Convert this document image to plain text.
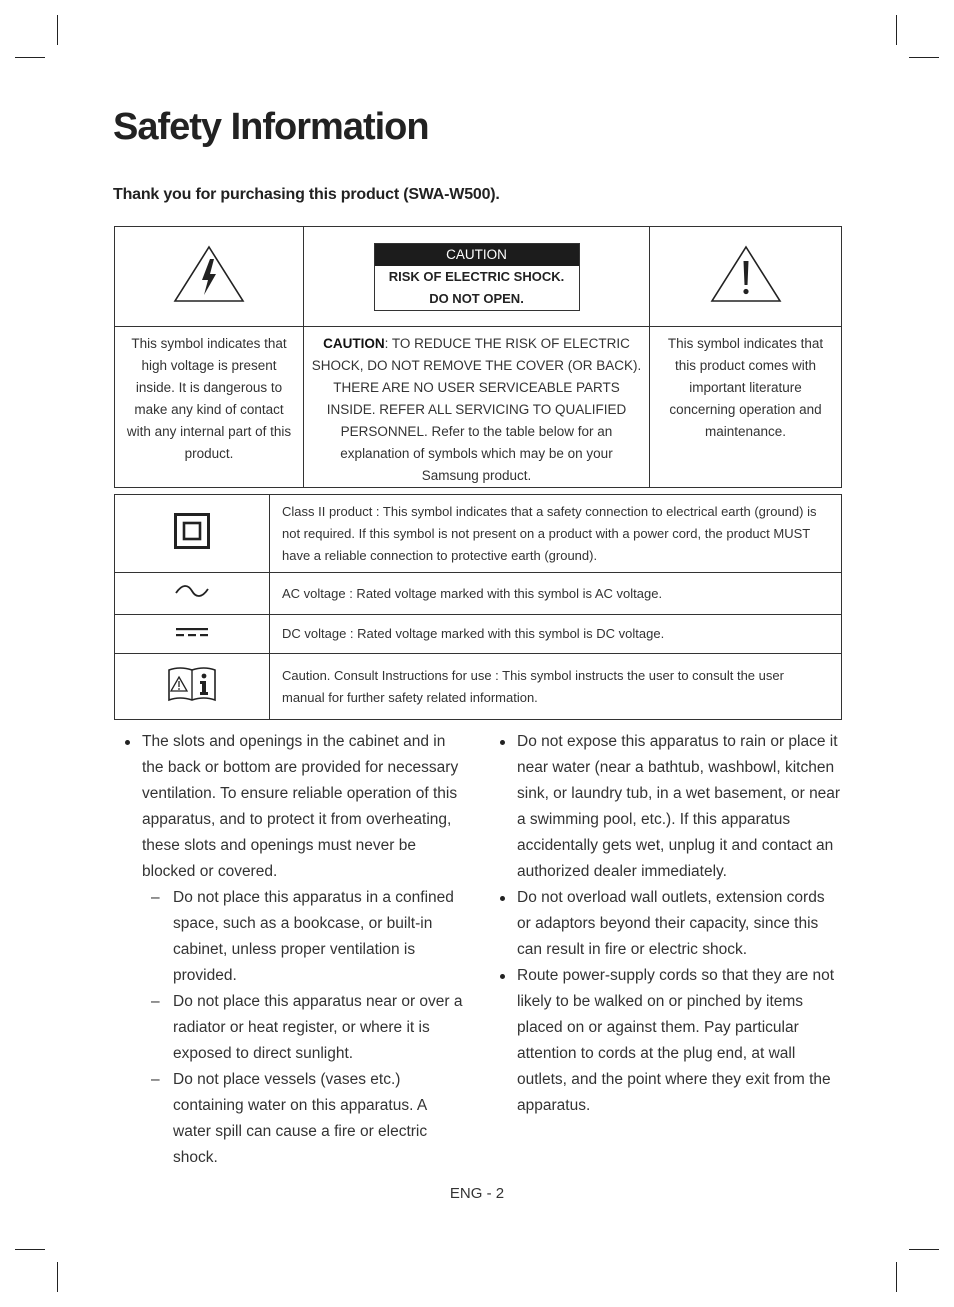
Safety Information
Thank you for purchasing this product (SWA-W500).

CAUTION
RISK OF ELECTRIC SHOCK.
DO NOT OPEN.

This symbol indicates that high voltage is present inside. It is dangerous to make any kind of contact with any internal part of this product.	CAUTION: TO REDUCE THE RISK OF ELECTRIC SHOCK, DO NOT REMOVE THE COVER (OR BACK). THERE ARE NO USER SERVICEABLE PARTS INSIDE. REFER ALL SERVICING TO QUALIFIED PERSONNEL. Refer to the table below for an explanation of symbols which may be on your Samsung product.	This symbol indicates that this product comes with important literature concerning operation and maintenance.
	Class II product : This symbol indicates that a safety connection to electrical earth (ground) is not required. If this symbol is not present on a product with a power cord, the product MUST have a reliable connection to protective earth (ground).
	AC voltage : Rated voltage marked with this symbol is AC voltage.
	DC voltage : Rated voltage marked with this symbol is DC voltage.
	Caution. Consult Instructions for use : This symbol instructs the user to consult the user manual for further safety related information.
The slots and openings in the cabinet and in the back or bottom are provided for necessary ventilation. To ensure reliable operation of this apparatus, and to protect it from overheating, these slots and openings must never be blocked or covered.
– Do not place this apparatus in a confined space, such as a bookcase, or built-in cabinet, unless proper ventilation is provided.
– Do not place this apparatus near or over a radiator or heat register, or where it is exposed to direct sunlight.
– Do not place vessels (vases etc.) containing water on this apparatus. A water spill can cause a fire or electric shock.
Do not expose this apparatus to rain or place it near water (near a bathtub, washbowl, kitchen sink, or laundry tub, in a wet basement, or near a swimming pool, etc.). If this apparatus accidentally gets wet, unplug it and contact an authorized dealer immediately.
Do not overload wall outlets, extension cords or adaptors beyond their capacity, since this can result in fire or electric shock.
Route power-supply cords so that they are not likely to be walked on or pinched by items placed on or against them. Pay particular attention to cords at the plug end, at wall outlets, and the point where they exit from the apparatus.
ENG - 2
